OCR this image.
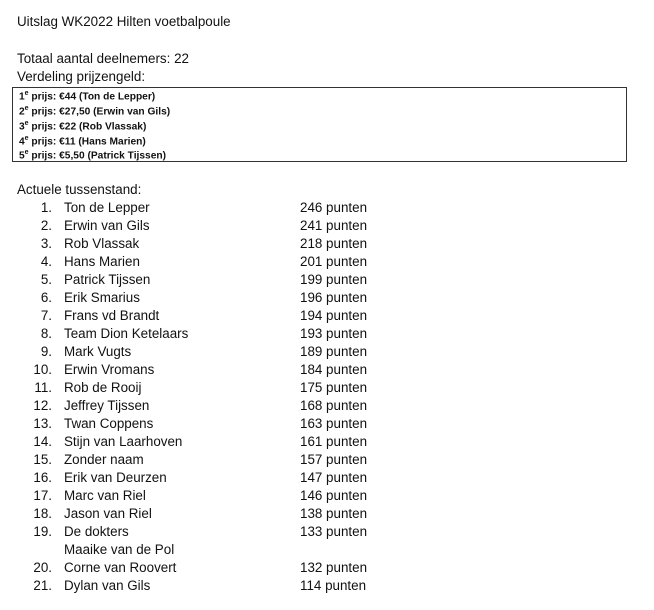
Uitslag WK2022 Hilten voetbalpoule
Totaal aantal deelnemers: 22
Verdeling prijzengeld:
1e prijs: €44 (Ton de Lepper)
2e prijs: €27,50 (Erwin van Gils)
3e prijs: €22 (Rob Vlassak)
4e prijs: €11 (Hans Marien)
5e prijs: €5,50 (Patrick Tijssen)
Actuele tussenstand:
1. Ton de Lepper	246 punten
2. Erwin van Gils	241 punten
3. Rob Vlassak	218 punten
4. Hans Marien	201 punten
5. Patrick Tijssen	199 punten
6. Erik Smarius	196 punten
7. Frans vd Brandt	194 punten
8. Team Dion Ketelaars	193 punten
9. Mark Vugts	189 punten
10. Erwin Vromans	184 punten
11. Rob de Rooij	175 punten
12. Jeffrey Tijssen	168 punten
13. Twan Coppens	163 punten
14. Stijn van Laarhoven	161 punten
15. Zonder naam	157 punten
16. Erik van Deurzen	147 punten
17. Marc van Riel	146 punten
18. Jason van Riel	138 punten
19. De dokters	133 punten
Maaike van de Pol
20. Corne van Roovert	132 punten
21. Dylan van Gils	114 punten
